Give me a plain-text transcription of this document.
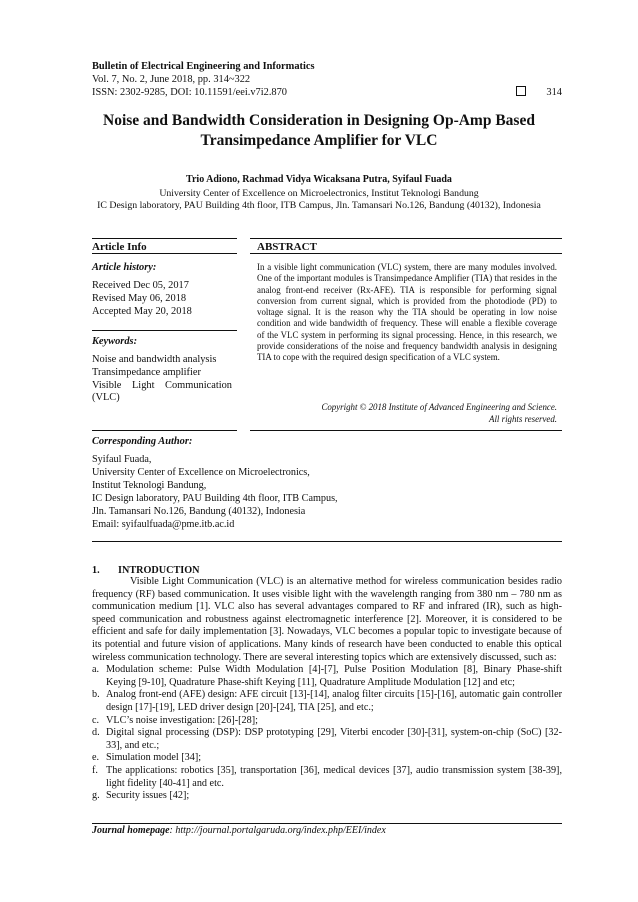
Bulletin of Electrical Engineering and Informatics
Vol. 7, No. 2, June 2018, pp. 314~322
ISSN: 2302-9285, DOI: 10.11591/eei.v7i2.870	314
Noise and Bandwidth Consideration in Designing Op-Amp Based Transimpedance Amplifier for VLC
Trio Adiono, Rachmad Vidya Wicaksana Putra, Syifaul Fuada
University Center of Excellence on Microelectronics, Institut Teknologi Bandung
IC Design laboratory, PAU Building 4th floor, ITB Campus, Jln. Tamansari No.126, Bandung (40132), Indonesia
Article Info	ABSTRACT
Article history:
Received Dec 05, 2017
Revised May 06, 2018
Accepted May 20, 2018
Keywords:
Noise and bandwidth analysis
Transimpedance amplifier
Visible Light Communication
(VLC)
In a visible light communication (VLC) system, there are many modules involved. One of the important modules is Transimpedance Amplifier (TIA) that resides in the analog front-end receiver (Rx-AFE). TIA is responsible for performing signal conversion from current signal, which is provided from the photodiode (PD) to voltage signal. It is the reason why the TIA should be operating in low noise condition and wide bandwidth of frequency. These will enable a flexible coverage of the VLC system in performing its signal processing. Hence, in this research, we provide considerations of the noise and frequency bandwidth analysis in designing TIA to cope with the required design specification of a VLC system.
Copyright © 2018 Institute of Advanced Engineering and Science.
All rights reserved.
Corresponding Author:
Syifaul Fuada,
University Center of Excellence on Microelectronics,
Institut Teknologi Bandung,
IC Design laboratory, PAU Building 4th floor, ITB Campus,
Jln. Tamansari No.126, Bandung (40132), Indonesia
Email: syifaulfuada@pme.itb.ac.id
1. INTRODUCTION

Visible Light Communication (VLC) is an alternative method for wireless communication besides radio frequency (RF) based communication. It uses visible light with the wavelength ranging from 380 nm – 780 nm as communication medium [1]. VLC also has several advantages compared to RF and infrared (IR), such as high-speed communication and robustness against electromagnetic interference [2]. Moreover, it is considered to be efficient and safe for daily implementation [3]. Nowadays, VLC becomes a popular topic to investigate because of its potential and future vision of applications. Many kinds of research have been conducted to enable this optical wireless communication technology. There are several interesting topics which are extensively discussed, such as:

a. Modulation scheme: Pulse Width Modulation [4]-[7], Pulse Position Modulation [8], Binary Phase-shift Keying [9-10], Quadrature Phase-shift Keying [11], Quadrature Amplitude Modulation [12] and etc;
b. Analog front-end (AFE) design: AFE circuit [13]-[14], analog filter circuits [15]-[16], automatic gain controller design [17]-[19], LED driver design [20]-[24], TIA [25], and etc.;
c. VLC’s noise investigation: [26]-[28];
d. Digital signal processing (DSP): DSP prototyping [29], Viterbi encoder [30]-[31], system-on-chip (SoC) [32-33], and etc.;
e. Simulation model [34];
f. The applications: robotics [35], transportation [36], medical devices [37], audio transmission system [38-39], light fidelity [40-41] and etc.
g. Security issues [42];
Journal homepage: http://journal.portalgaruda.org/index.php/EEI/index
